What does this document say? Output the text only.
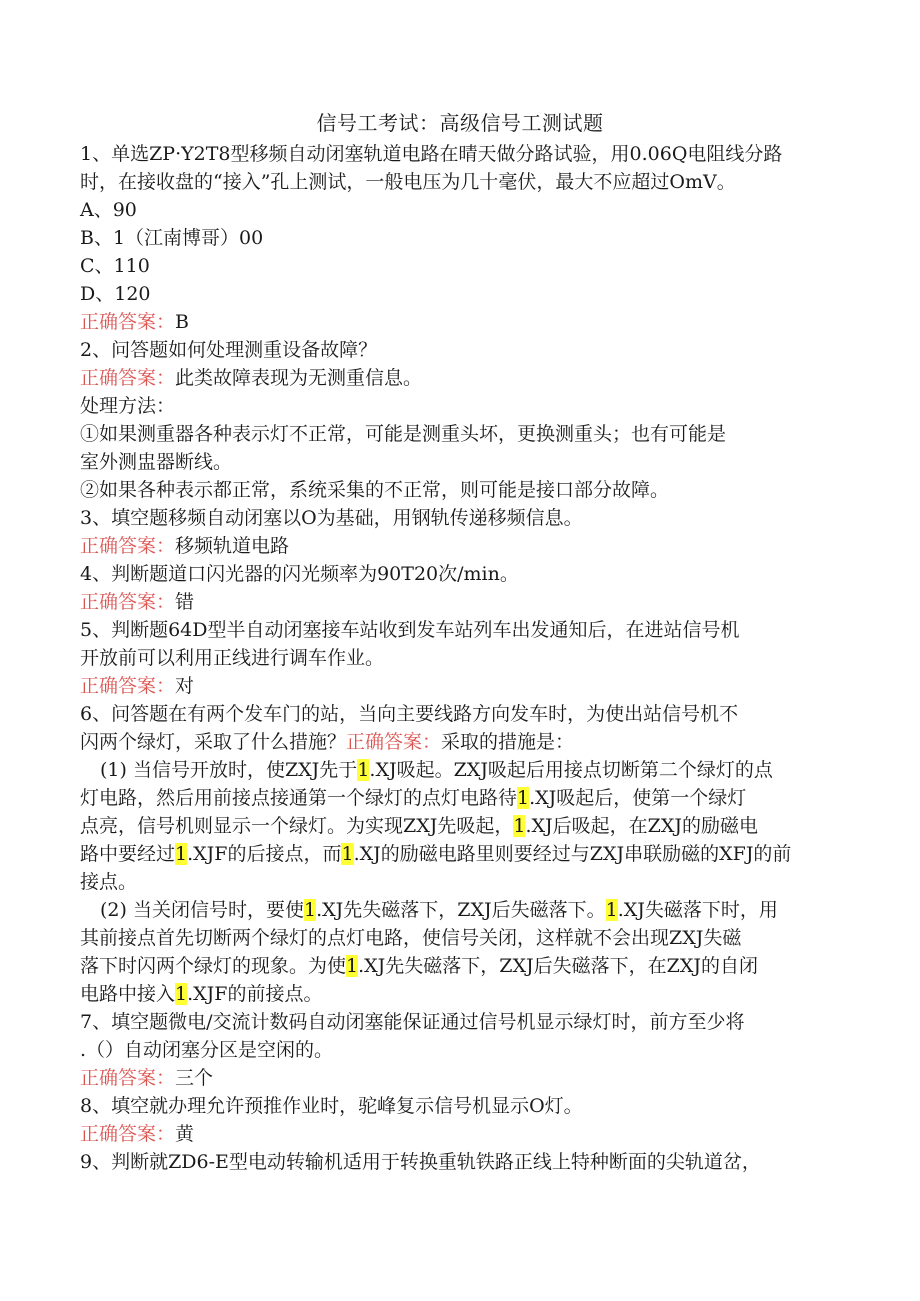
信号工考试：高级信号工测试题

1、单选ZP·Y2T8型移频自动闭塞轨道电路在晴天做分路试验，用0.06Q电阻线分路

时，在接收盘的“接入”孔上测试，一般电压为几十毫伏，最大不应超过OmV。

A、90

B、1（江南博哥）00

C、110

D、120

正确答案：B

2、问答题如何处理测重设备故障？

正确答案：此类故障表现为无测重信息。

处理方法：

①如果测重器各种表示灯不正常，可能是测重头坏，更换测重头；也有可能是

室外测盅器断线。

②如果各种表示都正常，系统采集的不正常，则可能是接口部分故障。

3、填空题移频自动闭塞以O为基础，用钢轨传递移频信息。

正确答案：移频轨道电路

4、判断题道口闪光器的闪光频率为90T20次/min。

正确答案：错

5、判断题64D型半自动闭塞接车站收到发车站列车出发通知后，在进站信号机

开放前可以利用正线进行调车作业。

正确答案：对

6、问答题在有两个发车门的站，当向主要线路方向发车时，为使出站信号机不

闪两个绿灯，采取了什么措施？正确答案：采取的措施是：

(1) 当信号开放时，使ZXJ先于1.XJ吸起。ZXJ吸起后用接点切断第二个绿灯的点

灯电路，然后用前接点接通第一个绿灯的点灯电路待1.XJ吸起后，使第一个绿灯

点亮，信号机则显示一个绿灯。为实现ZXJ先吸起，1.XJ后吸起，在ZXJ的励磁电

路中要经过1.XJF的后接点，而1.XJ的励磁电路里则要经过与ZXJ串联励磁的XFJ的前

接点。

(2) 当关闭信号时，要使1.XJ先失磁落下，ZXJ后失磁落下。1.XJ失磁落下时，用

其前接点首先切断两个绿灯的点灯电路，使信号关闭，这样就不会出现ZXJ失磁

落下时闪两个绿灯的现象。为使1.XJ先失磁落下，ZXJ后失磁落下，在ZXJ的自闭

电路中接入1.XJF的前接点。

7、填空题微电/交流计数码自动闭塞能保证通过信号机显示绿灯时，前方至少将

.（）自动闭塞分区是空闲的。

正确答案：三个

8、填空就办理允许预推作业时，驼峰复示信号机显示O灯。

正确答案：黄

9、判断就ZD6-E型电动转输机适用于转换重轨铁路正线上特种断面的尖轨道岔，
